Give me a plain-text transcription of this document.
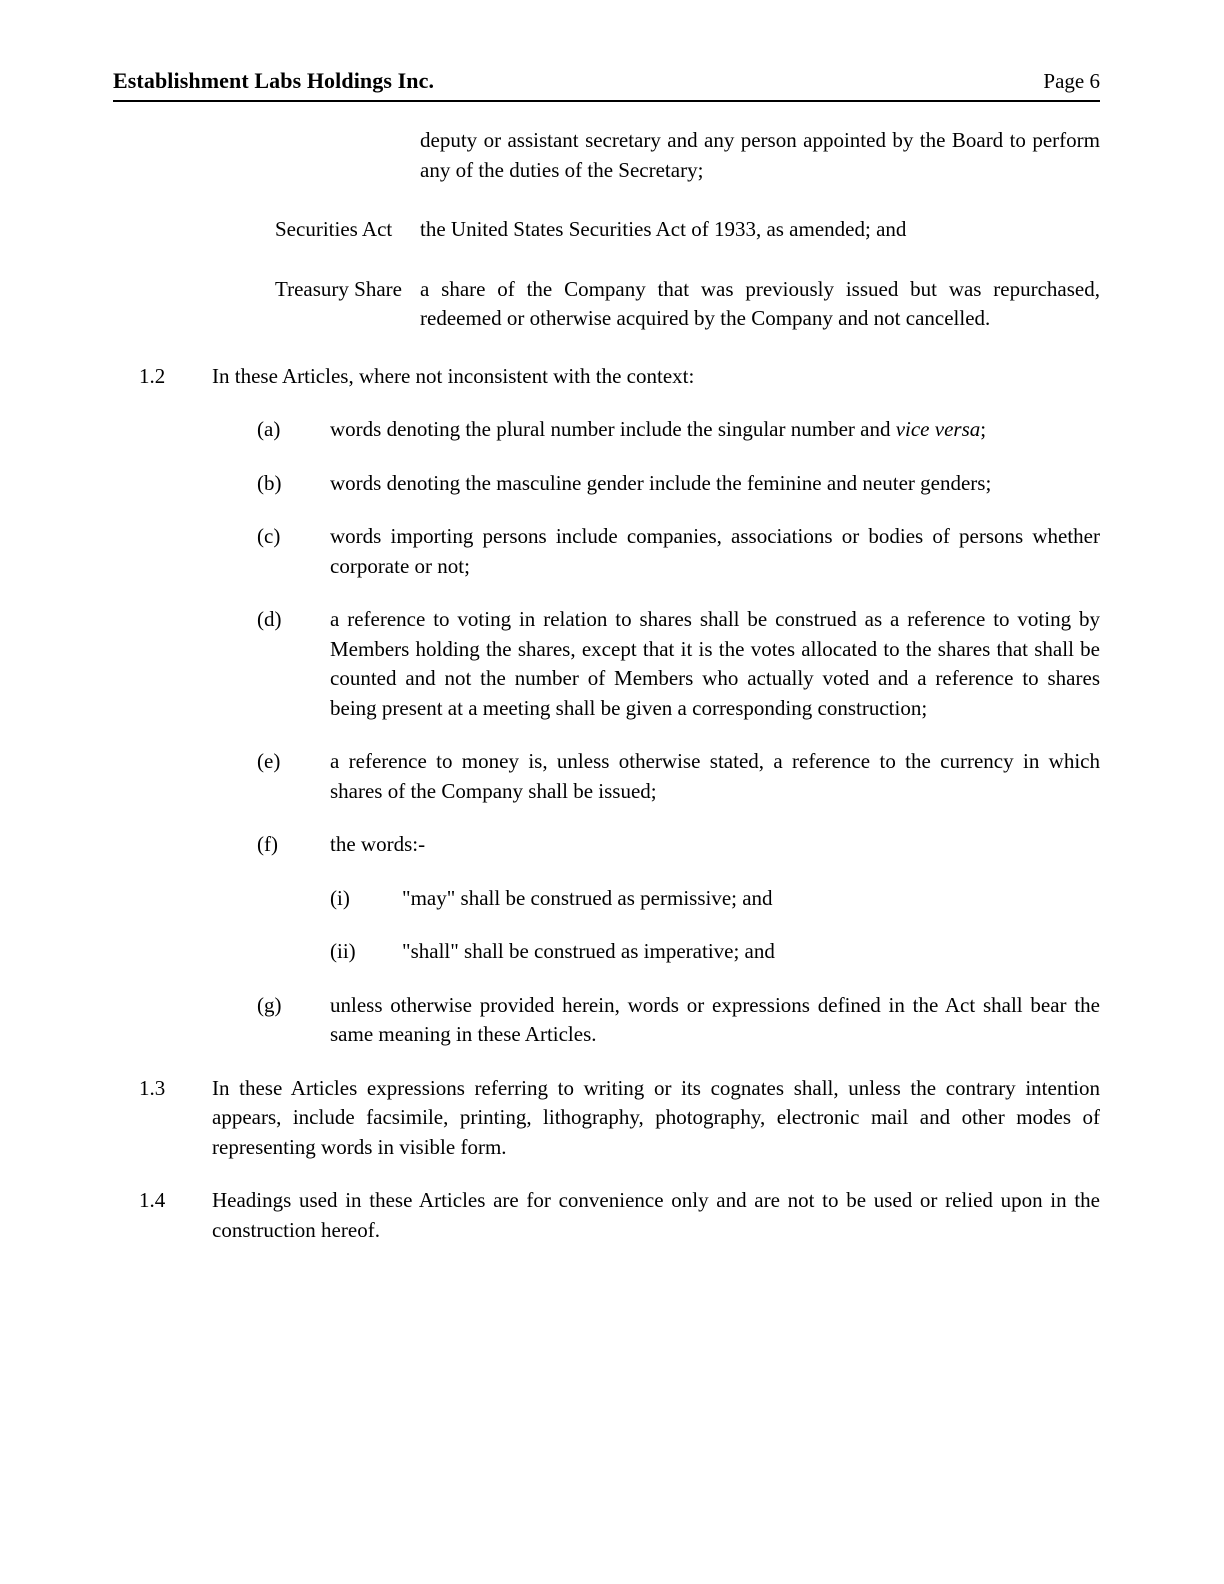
Establishment Labs Holdings Inc.	Page 6
	deputy or assistant secretary and any person appointed by the Board to perform any of the duties of the Secretary;

Securities Act	the United States Securities Act of 1933, as amended; and

Treasury Share	a share of the Company that was previously issued but was repurchased, redeemed or otherwise acquired by the Company and not cancelled.
1.2 In these Articles, where not inconsistent with the context:
(a) words denoting the plural number include the singular number and vice versa;
(b) words denoting the masculine gender include the feminine and neuter genders;
(c) words importing persons include companies, associations or bodies of persons whether corporate or not;
(d) a reference to voting in relation to shares shall be construed as a reference to voting by Members holding the shares, except that it is the votes allocated to the shares that shall be counted and not the number of Members who actually voted and a reference to shares being present at a meeting shall be given a corresponding construction;
(e) a reference to money is, unless otherwise stated, a reference to the currency in which shares of the Company shall be issued;
(f) the words:-
(i) "may" shall be construed as permissive; and
(ii) "shall" shall be construed as imperative; and
(g) unless otherwise provided herein, words or expressions defined in the Act shall bear the same meaning in these Articles.
1.3 In these Articles expressions referring to writing or its cognates shall, unless the contrary intention appears, include facsimile, printing, lithography, photography, electronic mail and other modes of representing words in visible form.
1.4 Headings used in these Articles are for convenience only and are not to be used or relied upon in the construction hereof.
